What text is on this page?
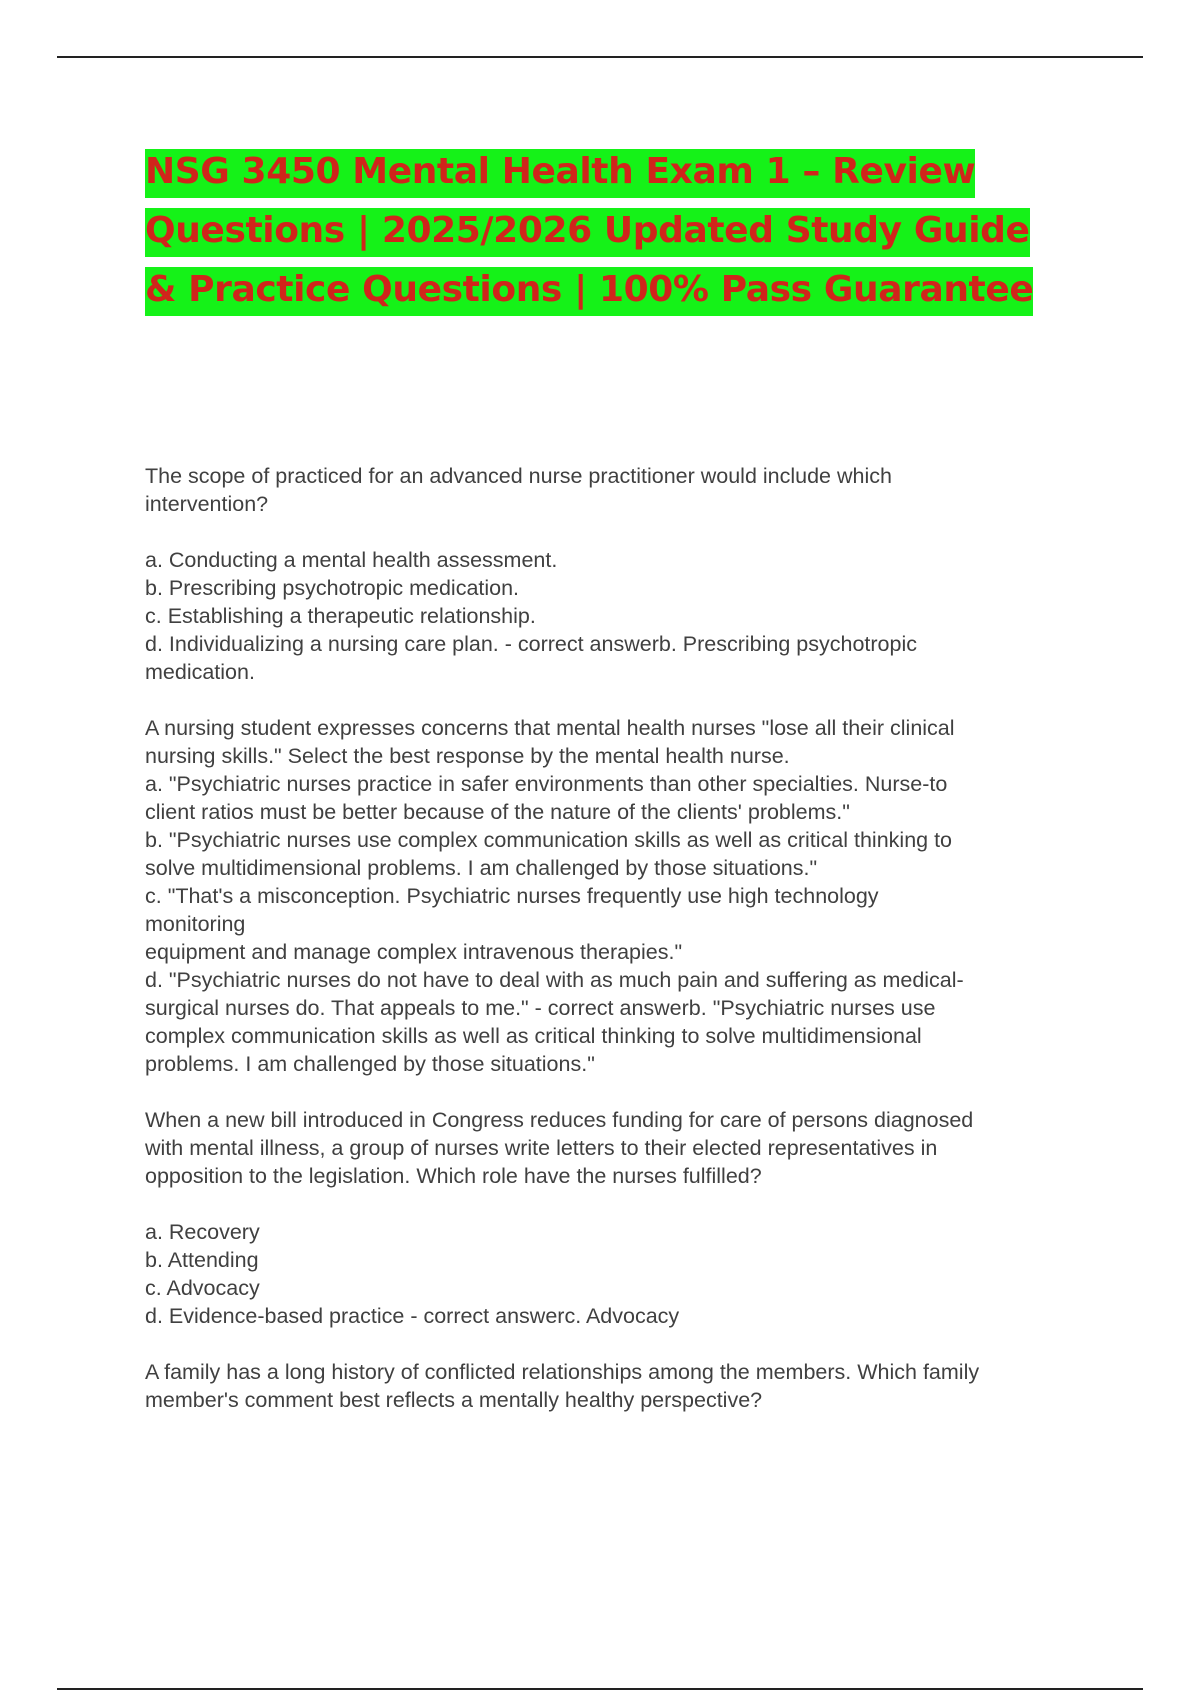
NSG 3450 Mental Health Exam 1 – Review
Questions | 2025/2026 Updated Study Guide
& Practice Questions | 100% Pass Guarantee

The scope of practiced for an advanced nurse practitioner would include which
intervention?

a. Conducting a mental health assessment.
b. Prescribing psychotropic medication.
c. Establishing a therapeutic relationship.
d. Individualizing a nursing care plan. - correct answerb. Prescribing psychotropic
medication.

A nursing student expresses concerns that mental health nurses "lose all their clinical
nursing skills." Select the best response by the mental health nurse.
a. "Psychiatric nurses practice in safer environments than other specialties. Nurse-to
client ratios must be better because of the nature of the clients' problems."
b. "Psychiatric nurses use complex communication skills as well as critical thinking to
solve multidimensional problems. I am challenged by those situations."
c. "That's a misconception. Psychiatric nurses frequently use high technology
monitoring
equipment and manage complex intravenous therapies."
d. "Psychiatric nurses do not have to deal with as much pain and suffering as medical-
surgical nurses do. That appeals to me." - correct answerb. "Psychiatric nurses use
complex communication skills as well as critical thinking to solve multidimensional
problems. I am challenged by those situations."

When a new bill introduced in Congress reduces funding for care of persons diagnosed
with mental illness, a group of nurses write letters to their elected representatives in
opposition to the legislation. Which role have the nurses fulfilled?

a. Recovery
b. Attending
c. Advocacy
d. Evidence-based practice - correct answerc. Advocacy

A family has a long history of conflicted relationships among the members. Which family
member's comment best reflects a mentally healthy perspective?
